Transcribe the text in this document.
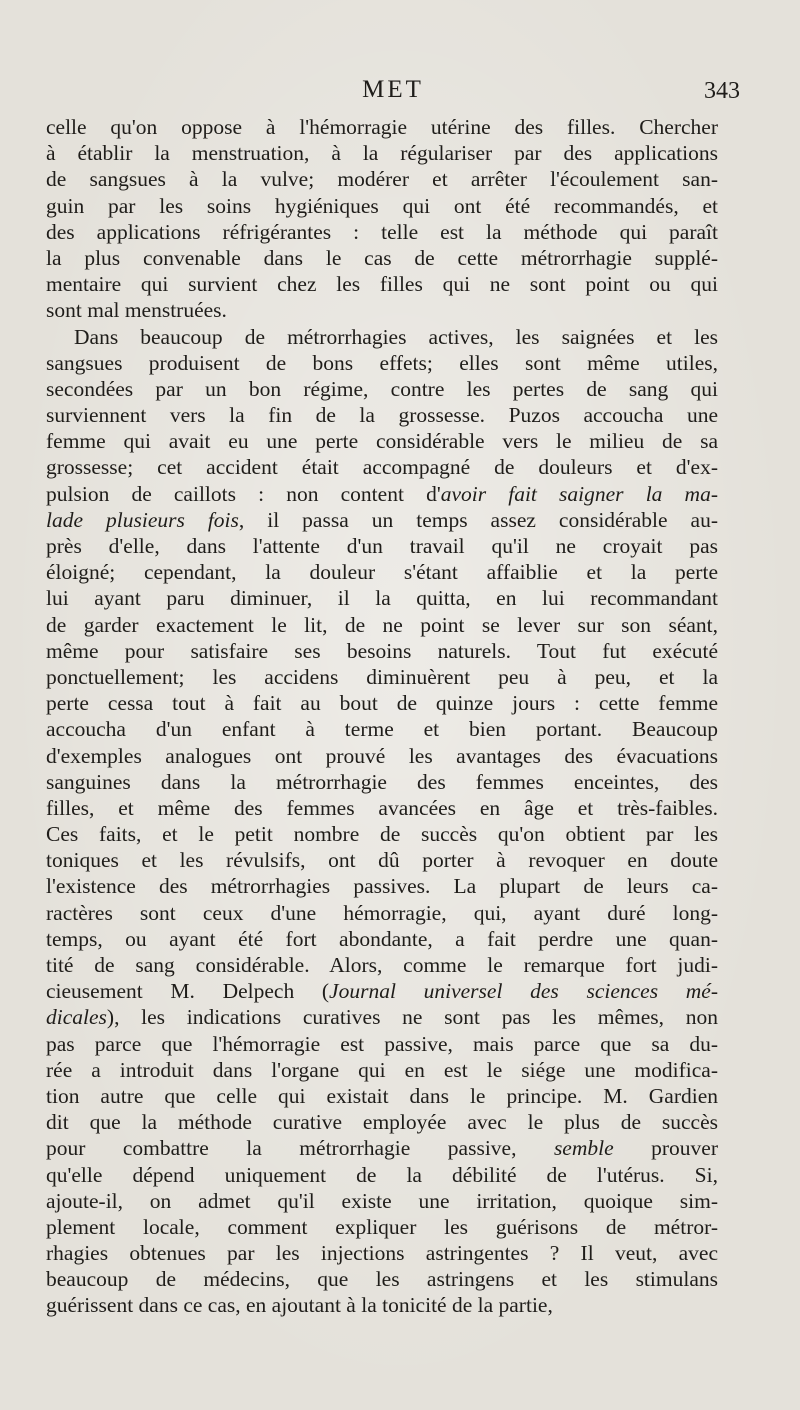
MET	343
celle qu'on oppose à l'hémorragie utérine des filles. Chercher
à établir la menstruation, à la régulariser par des applications
de sangsues à la vulve; modérer et arrêter l'écoulement san-
guin par les soins hygiéniques qui ont été recommandés, et
des applications réfrigérantes : telle est la méthode qui paraît
la plus convenable dans le cas de cette métrorrhagie supplé-
mentaire qui survient chez les filles qui ne sont point ou qui
sont mal menstruées.
Dans beaucoup de métrorrhagies actives, les saignées et les
sangsues produisent de bons effets; elles sont même utiles,
secondées par un bon régime, contre les pertes de sang qui
surviennent vers la fin de la grossesse. Puzos accoucha une
femme qui avait eu une perte considérable vers le milieu de sa
grossesse; cet accident était accompagné de douleurs et d'ex-
pulsion de caillots : non content d'avoir fait saigner la ma-
lade plusieurs fois, il passa un temps assez considérable au-
près d'elle, dans l'attente d'un travail qu'il ne croyait pas
éloigné; cependant, la douleur s'étant affaiblie et la perte
lui ayant paru diminuer, il la quitta, en lui recommandant
de garder exactement le lit, de ne point se lever sur son séant,
même pour satisfaire ses besoins naturels. Tout fut exécuté
ponctuellement; les accidens diminuèrent peu à peu, et la
perte cessa tout à fait au bout de quinze jours : cette femme
accoucha d'un enfant à terme et bien portant. Beaucoup
d'exemples analogues ont prouvé les avantages des évacuations
sanguines dans la métrorrhagie des femmes enceintes, des
filles, et même des femmes avancées en âge et très-faibles.
Ces faits, et le petit nombre de succès qu'on obtient par les
toniques et les révulsifs, ont dû porter à revoquer en doute
l'existence des métrorrhagies passives. La plupart de leurs ca-
ractères sont ceux d'une hémorragie, qui, ayant duré long-
temps, ou ayant été fort abondante, a fait perdre une quan-
tité de sang considérable. Alors, comme le remarque fort judi-
cieusement M. Delpech (Journal universel des sciences mé-
dicales), les indications curatives ne sont pas les mêmes, non
pas parce que l'hémorragie est passive, mais parce que sa du-
rée a introduit dans l'organe qui en est le siége une modifica-
tion autre que celle qui existait dans le principe. M. Gardien
dit que la méthode curative employée avec le plus de succès
pour combattre la métrorrhagie passive, semble prouver
qu'elle dépend uniquement de la débilité de l'utérus. Si,
ajoute-il, on admet qu'il existe une irritation, quoique sim-
plement locale, comment expliquer les guérisons de métror-
rhagies obtenues par les injections astringentes ? Il veut, avec
beaucoup de médecins, que les astringens et les stimulans
guérissent dans ce cas, en ajoutant à la tonicité de la partie,
